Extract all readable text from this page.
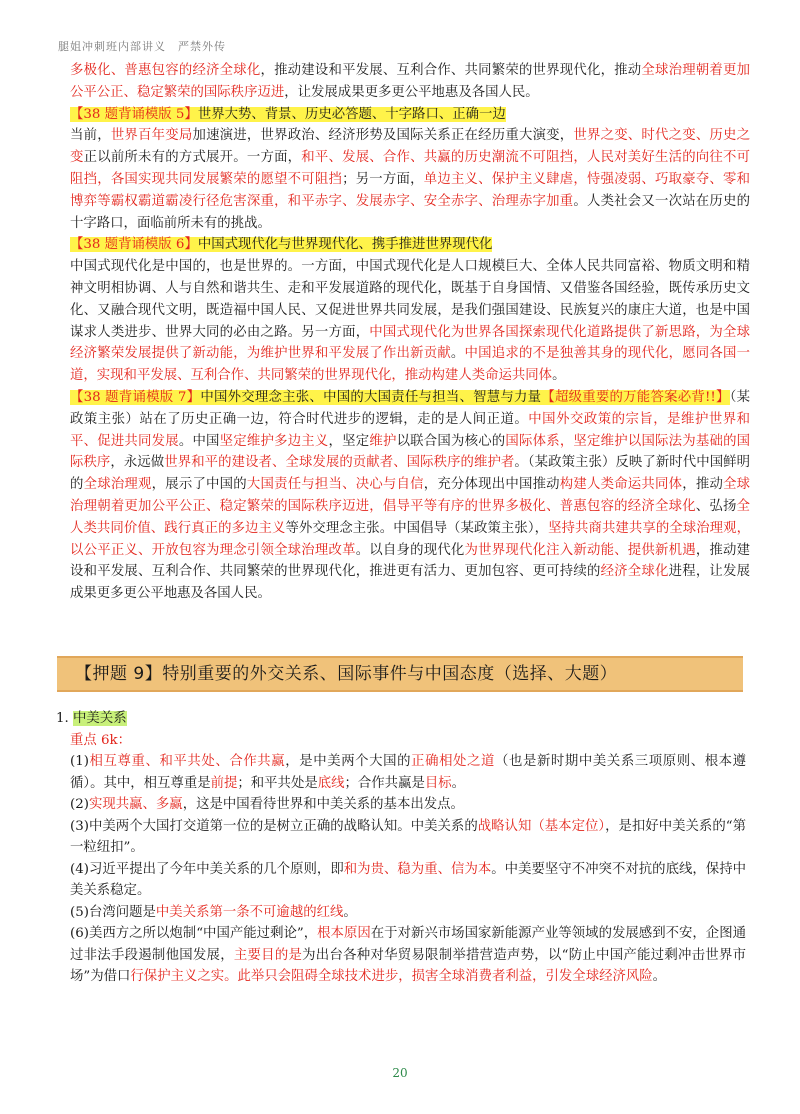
腿姐冲刺班内部讲义　严禁外传

多极化、普惠包容的经济全球化，推动建设和平发展、互利合作、共同繁荣的世界现代化，推动全球治理朝着更加公平公正、稳定繁荣的国际秩序迈进，让发展成果更多更公平地惠及各国人民。

【38 题背诵模版 5】世界大势、背景、历史必答题、十字路口、正确一边

当前，世界百年变局加速演进，世界政治、经济形势及国际关系正在经历重大演变，世界之变、时代之变、历史之变正以前所未有的方式展开。一方面，和平、发展、合作、共赢的历史潮流不可阻挡，人民对美好生活的向往不可阻挡，各国实现共同发展繁荣的愿望不可阻挡；另一方面，单边主义、保护主义肆虐，恃强凌弱、巧取豪夺、零和博弈等霸权霸道霸凌行径危害深重，和平赤字、发展赤字、安全赤字、治理赤字加重。人类社会又一次站在历史的十字路口，面临前所未有的挑战。

【38 题背诵模版 6】中国式现代化与世界现代化、携手推进世界现代化

中国式现代化是中国的，也是世界的。一方面，中国式现代化是人口规模巨大、全体人民共同富裕、物质文明和精神文明相协调、人与自然和谐共生、走和平发展道路的现代化，既基于自身国情、又借鉴各国经验，既传承历史文化、又融合现代文明，既造福中国人民、又促进世界共同发展，是我们强国建设、民族复兴的康庄大道，也是中国谋求人类进步、世界大同的必由之路。另一方面，中国式现代化为世界各国探索现代化道路提供了新思路，为全球经济繁荣发展提供了新动能，为维护世界和平发展了作出新贡献。中国追求的不是独善其身的现代化，愿同各国一道，实现和平发展、互利合作、共同繁荣的世界现代化，推动构建人类命运共同体。

【38 题背诵模版 7】中国外交理念主张、中国的大国责任与担当、智慧与力量【超级重要的万能答案必背!!】（某政策主张）站在了历史正确一边，符合时代进步的逻辑，走的是人间正道。中国外交政策的宗旨，是维护世界和平、促进共同发展。中国坚定维护多边主义，坚定维护以联合国为核心的国际体系，坚定维护以国际法为基础的国际秩序，永远做世界和平的建设者、全球发展的贡献者、国际秩序的维护者。（某政策主张）反映了新时代中国鲜明的全球治理观，展示了中国的大国责任与担当、决心与自信，充分体现出中国推动构建人类命运共同体，推动全球治理朝着更加公平公正、稳定繁荣的国际秩序迈进，倡导平等有序的世界多极化、普惠包容的经济全球化、弘扬全人类共同价值、践行真正的多边主义等外交理念主张。中国倡导（某政策主张），坚持共商共建共享的全球治理观，以公平正义、开放包容为理念引领全球治理改革。以自身的现代化为世界现代化注入新动能、提供新机遇，推动建设和平发展、互利合作、共同繁荣的世界现代化，推进更有活力、更加包容、更可持续的经济全球化进程，让发展成果更多更公平地惠及各国人民。

【押题 9】特别重要的外交关系、国际事件与中国态度（选择、大题）

1. 中美关系

重点 6k：

(1)相互尊重、和平共处、合作共赢，是中美两个大国的正确相处之道（也是新时期中美关系三项原则、根本遵循）。其中，相互尊重是前提；和平共处是底线；合作共赢是目标。

(2)实现共赢、多赢，这是中国看待世界和中美关系的基本出发点。

(3)中美两个大国打交道第一位的是树立正确的战略认知。中美关系的战略认知（基本定位），是扣好中美关系的“第一粒纽扣”。

(4)习近平提出了今年中美关系的几个原则，即和为贵、稳为重、信为本。中美要坚守不冲突不对抗的底线，保持中美关系稳定。

(5)台湾问题是中美关系第一条不可逾越的红线。

(6)美西方之所以炮制“中国产能过剩论”，根本原因在于对新兴市场国家新能源产业等领域的发展感到不安，企图通过非法手段遏制他国发展，主要目的是为出台各种对华贸易限制举措营造声势，以“防止中国产能过剩冲击世界市场”为借口行保护主义之实。此举只会阻碍全球技术进步，损害全球消费者利益，引发全球经济风险。

20
